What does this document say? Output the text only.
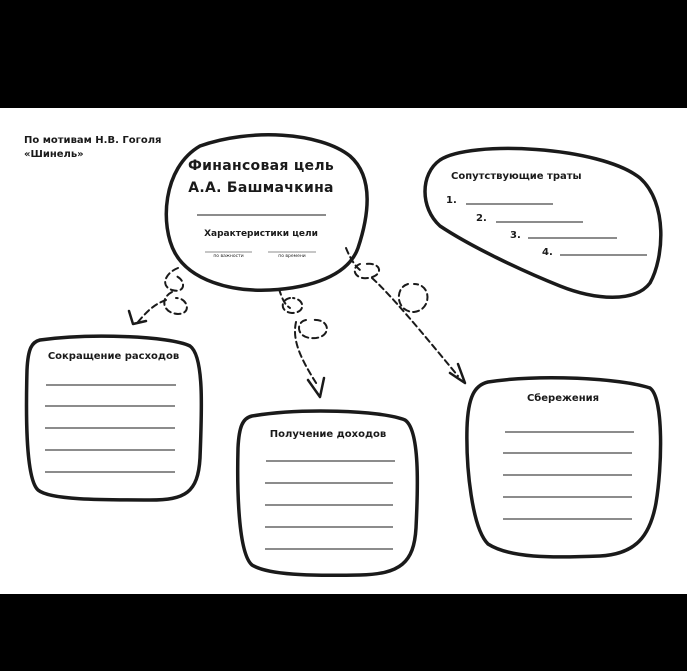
По мотивам Н.В. Гоголя
«Шинель»
Финансовая цель
А.А. Башмачкина
Характеристики цели
по важности	по времени
Сопутствующие траты
1.
2.
3.
4.
Сокращение расходов
Получение доходов
Сбережения
